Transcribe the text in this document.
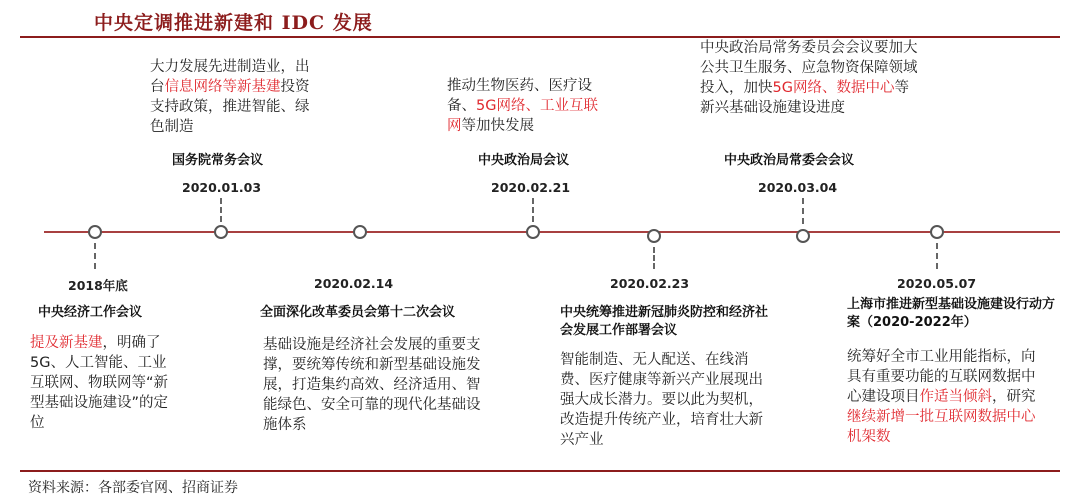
中央定调推进新建和 IDC 发展
2018年底
中央经济工作会议
提及新基建，明确了5G、人工智能、工业互联网、物联网等“新型基础设施建设”的定位
大力发展先进制造业，出台信息网络等新基建投资支持政策，推进智能、绿色制造
国务院常务会议
2020.01.03
2020.02.14
全面深化改革委员会第十二次会议
基础设施是经济社会发展的重要支撑，要统筹传统和新型基础设施发展，打造集约高效、经济适用、智能绿色、安全可靠的现代化基础设施体系
推动生物医药、医疗设备、5G网络、工业互联网等加快发展
中央政治局会议
2020.02.21
2020.02.23
中央统筹推进新冠肺炎防控和经济社会发展工作部署会议
智能制造、无人配送、在线消费、医疗健康等新兴产业展现出强大成长潜力。要以此为契机，改造提升传统产业，培育壮大新兴产业
中央政治局常务委员会会议要加大公共卫生服务、应急物资保障领域投入，加快5G网络、数据中心等新兴基础设施建设进度
中央政治局常委会会议
2020.03.04
2020.05.07
上海市推进新型基础设施建设行动方案（2020-2022年）
统筹好全市工业用能指标，向具有重要功能的互联网数据中心建设项目作适当倾斜，研究继续新增一批互联网数据中心机架数
资料来源：各部委官网、招商证券
